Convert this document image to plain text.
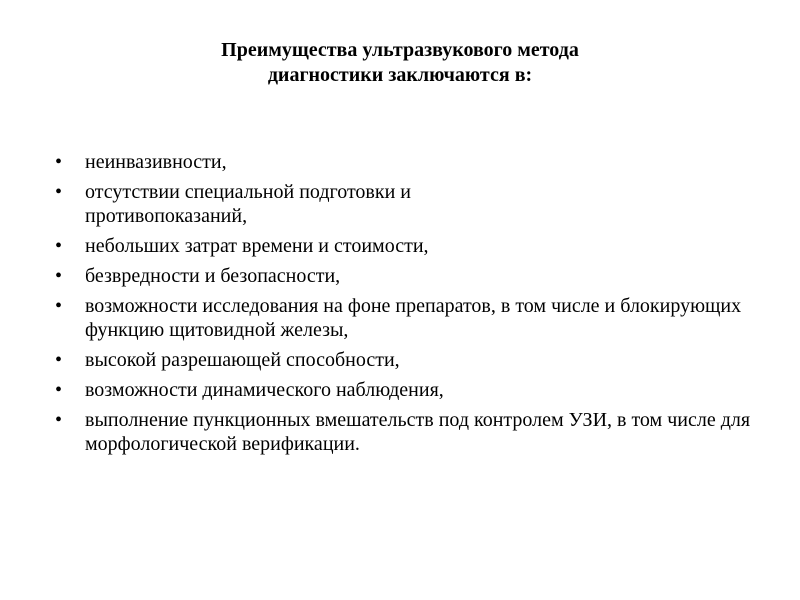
Преимущества ультразвукового метода
диагностики заключаются в:
•	неинвазивности,
•	отсутствии специальной подготовки и противопоказаний,
•	небольших затрат времени и стоимости,
•	безвредности и безопасности,
•	возможности исследования на фоне препаратов, в том числе и блокирующих функцию щитовидной железы,
•	высокой разрешающей способности,
•	возможности динамического наблюдения,
•	выполнение пункционных вмешательств под контролем УЗИ, в том числе для морфологической верификации.
